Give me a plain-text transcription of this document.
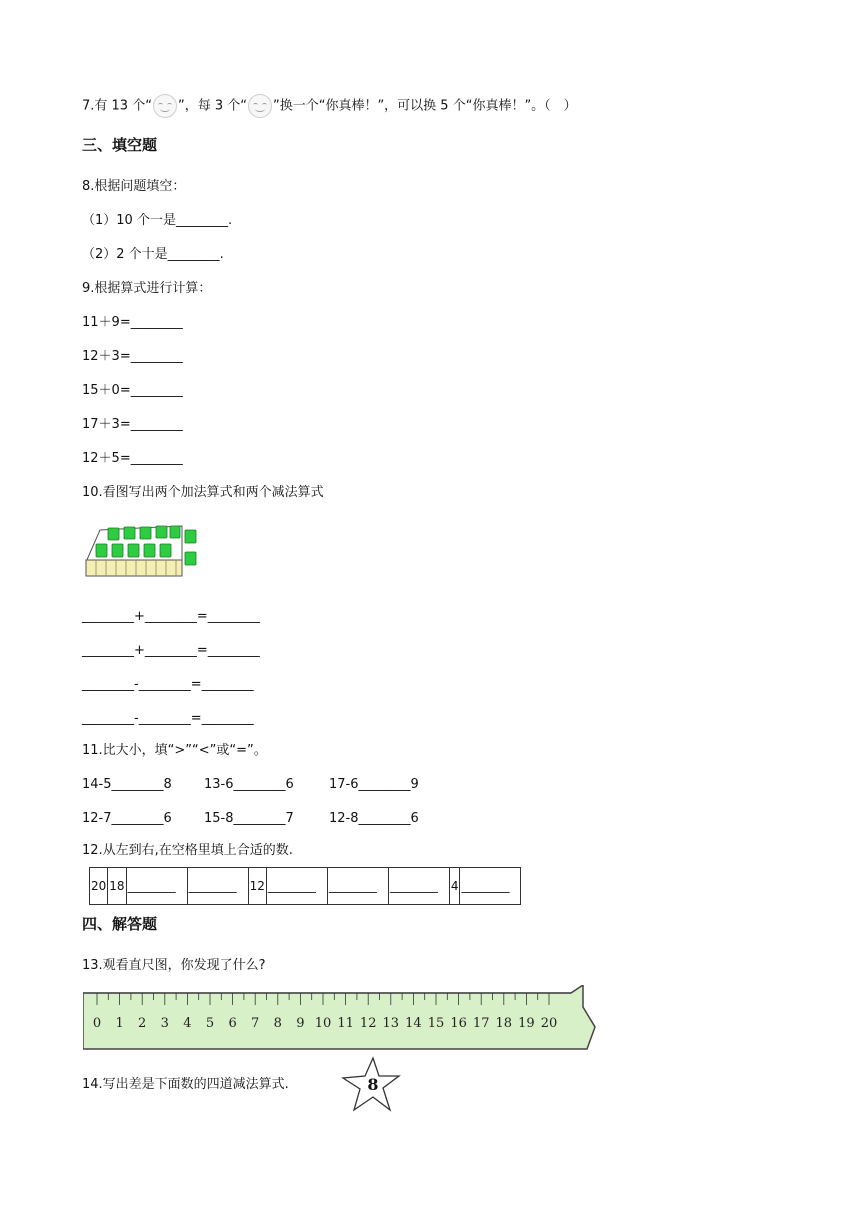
7.有 13 个“ ”，每 3 个“ ”换一个“你真棒！”，可以换 5 个“你真棒！”。（　）
三、填空题
8.根据问题填空：
（1）10 个一是________.
（2）2 个十是________.
9.根据算式进行计算：
11＋9=________
12＋3=________
15＋0=________
17＋3=________
12＋5=________
10.看图写出两个加法算式和两个减法算式
________+________=________
________+________=________
________-________=________
________-________=________
11.比大小，填“>”“<”或“=”。
14-5________8 13-6________6	17-6________9
12-7________6 15-8________7	12-8________6
12.从左到右,在空格里填上合适的数.
20	18	________	________	12	________	________	________	4	________
四、解答题
13.观看直尺图，你发现了什么?
0 1 2 3 4 5 6 7 8 9 10 11 12 13 14 15 16 17 18 19 20
14.写出差是下面数的四道减法算式.	8
